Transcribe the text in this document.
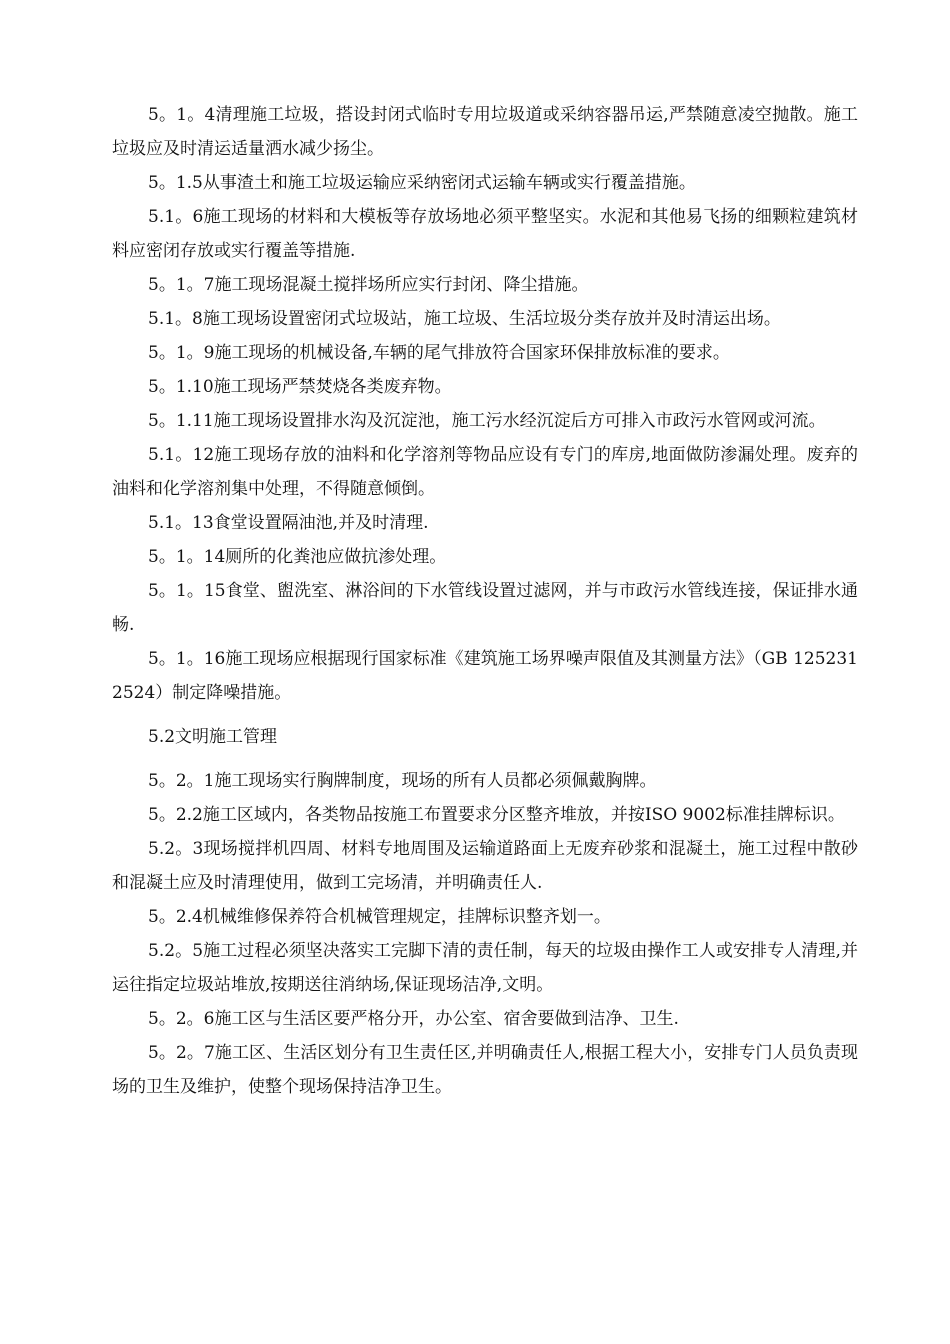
5。1。4清理施工垃圾，搭设封闭式临时专用垃圾道或采纳容器吊运,严禁随意凌空抛散。施工垃圾应及时清运适量洒水减少扬尘。

5。1.5从事渣土和施工垃圾运输应采纳密闭式运输车辆或实行覆盖措施。

5.1。6施工现场的材料和大模板等存放场地必须平整坚实。水泥和其他易飞扬的细颗粒建筑材料应密闭存放或实行覆盖等措施.

5。1。7施工现场混凝土搅拌场所应实行封闭、降尘措施。

5.1。8施工现场设置密闭式垃圾站，施工垃圾、生活垃圾分类存放并及时清运出场。

5。1。9施工现场的机械设备,车辆的尾气排放符合国家环保排放标准的要求。

5。1.10施工现场严禁焚烧各类废弃物。

5。1.11施工现场设置排水沟及沉淀池，施工污水经沉淀后方可排入市政污水管网或河流。

5.1。12施工现场存放的油料和化学溶剂等物品应设有专门的库房,地面做防渗漏处理。废弃的油料和化学溶剂集中处理，不得随意倾倒。

5.1。13食堂设置隔油池,并及时清理.

5。1。14厕所的化粪池应做抗渗处理。

5。1。15食堂、盥洗室、淋浴间的下水管线设置过滤网，并与市政污水管线连接，保证排水通畅.

5。1。16施工现场应根据现行国家标准《建筑施工场界噪声限值及其测量方法》（GB 1252312524）制定降噪措施。

5.2文明施工管理

5。2。1施工现场实行胸牌制度，现场的所有人员都必须佩戴胸牌。

5。2.2施工区域内，各类物品按施工布置要求分区整齐堆放，并按ISO 9002标准挂牌标识。

5.2。3现场搅拌机四周、材料专地周围及运输道路面上无废弃砂浆和混凝土，施工过程中散砂和混凝土应及时清理使用，做到工完场清，并明确责任人.

5。2.4机械维修保养符合机械管理规定，挂牌标识整齐划一。

5.2。5施工过程必须坚决落实工完脚下清的责任制，每天的垃圾由操作工人或安排专人清理,并运往指定垃圾站堆放,按期送往消纳场,保证现场洁净,文明。

5。2。6施工区与生活区要严格分开，办公室、宿舍要做到洁净、卫生.

5。2。7施工区、生活区划分有卫生责任区,并明确责任人,根据工程大小，安排专门人员负责现场的卫生及维护，使整个现场保持洁净卫生。
